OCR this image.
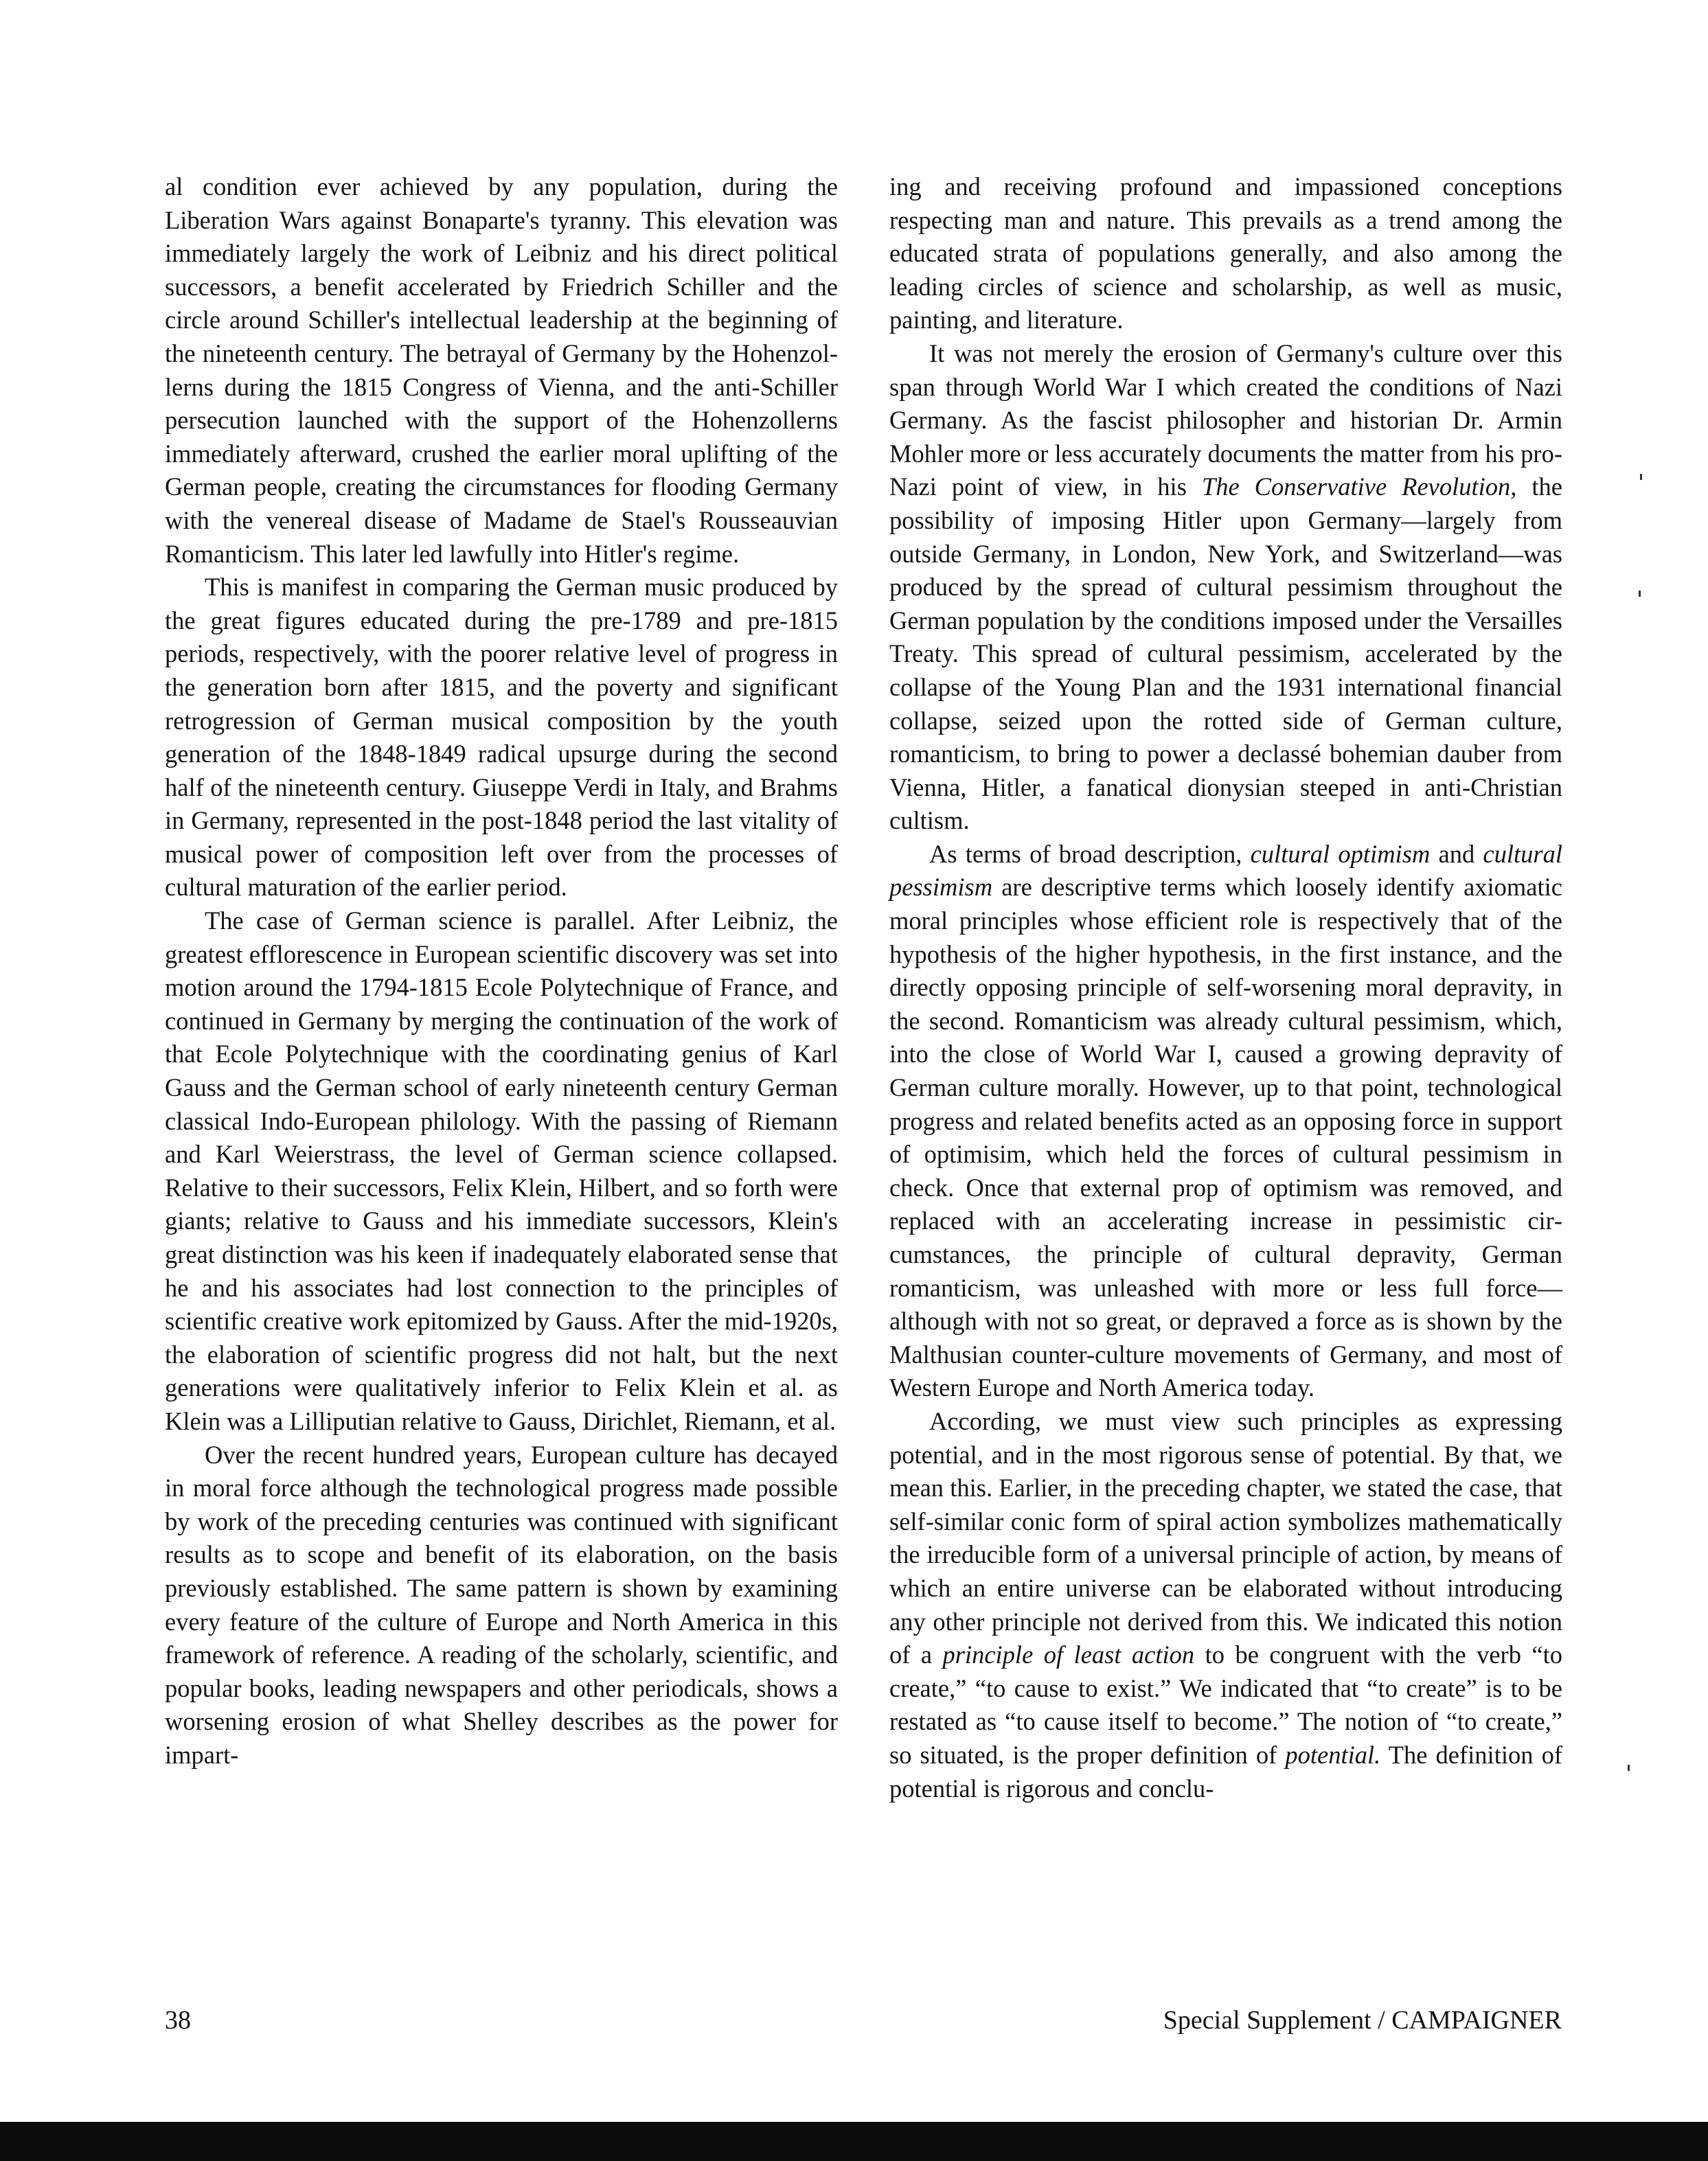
al condition ever achieved by any population, during the Liberation Wars against Bonaparte's tyranny. This elevation was immediately largely the work of Leibniz and his direct political successors, a benefit accelerated by Friedrich Schiller and the circle around Schiller's intellectual leadership at the beginning of the nineteenth century. The betrayal of Germany by the Hohenzollerns during the 1815 Congress of Vienna, and the anti-Schiller persecution launched with the support of the Hohenzollerns immediately afterward, crushed the earlier moral uplifting of the German people, creating the circumstances for flooding Germany with the venereal disease of Madame de Stael's Rousseauvian Romanticism. This later led lawfully into Hitler's regime.

This is manifest in comparing the German music produced by the great figures educated during the pre-1789 and pre-1815 periods, respectively, with the poorer relative level of progress in the generation born after 1815, and the poverty and significant retrogression of German musical composition by the youth generation of the 1848-1849 radical upsurge during the second half of the nineteenth century. Giuseppe Verdi in Italy, and Brahms in Germany, represented in the post-1848 period the last vitality of musical power of composition left over from the processes of cultural maturation of the earlier period.

The case of German science is parallel. After Leibniz, the greatest efflorescence in European scientific discovery was set into motion around the 1794-1815 Ecole Polytechnique of France, and continued in Germany by merging the continuation of the work of that Ecole Polytechnique with the coordinating genius of Karl Gauss and the German school of early nineteenth century German classical Indo-European philology. With the passing of Riemann and Karl Weierstrass, the level of German science collapsed. Relative to their successors, Felix Klein, Hilbert, and so forth were giants; relative to Gauss and his immediate successors, Klein's great distinction was his keen if inadequately elaborated sense that he and his associates had lost connection to the principles of scientific creative work epitomized by Gauss. After the mid-1920s, the elaboration of scientific progress did not halt, but the next generations were qualitatively inferior to Felix Klein et al. as Klein was a Lilliputian relative to Gauss, Dirichlet, Riemann, et al.

Over the recent hundred years, European culture has decayed in moral force although the technological progress made possible by work of the preceding centuries was continued with significant results as to scope and benefit of its elaboration, on the basis previously established. The same pattern is shown by examining every feature of the culture of Europe and North America in this framework of reference. A reading of the scholarly, scientific, and popular books, leading newspapers and other periodicals, shows a worsening erosion of what Shelley describes as the power for impart-

ing and receiving profound and impassioned conceptions respecting man and nature. This prevails as a trend among the educated strata of populations generally, and also among the leading circles of science and scholarship, as well as music, painting, and literature.

It was not merely the erosion of Germany's culture over this span through World War I which created the conditions of Nazi Germany. As the fascist philosopher and historian Dr. Armin Mohler more or less accurately documents the matter from his pro-Nazi point of view, in his The Conservative Revolution, the possibility of imposing Hitler upon Germany—largely from outside Germany, in London, New York, and Switzerland—was produced by the spread of cultural pessimism throughout the German population by the conditions imposed under the Versailles Treaty. This spread of cultural pessimism, accelerated by the collapse of the Young Plan and the 1931 international financial collapse, seized upon the rotted side of German culture, romanticism, to bring to power a declassé bohemian dauber from Vienna, Hitler, a fanatical dionysian steeped in anti-Christian cultism.

As terms of broad description, cultural optimism and cultural pessimism are descriptive terms which loosely identify axiomatic moral principles whose efficient role is respectively that of the hypothesis of the higher hypothesis, in the first instance, and the directly opposing principle of self-worsening moral depravity, in the second. Romanticism was already cultural pessimism, which, into the close of World War I, caused a growing depravity of German culture morally. However, up to that point, technological progress and related benefits acted as an opposing force in support of optimisim, which held the forces of cultural pessimism in check. Once that external prop of optimism was removed, and replaced with an accelerating increase in pessimistic circumstances, the principle of cultural depravity, German romanticism, was unleashed with more or less full force—although with not so great, or depraved a force as is shown by the Malthusian counter-culture movements of Germany, and most of Western Europe and North America today.

According, we must view such principles as expressing potential, and in the most rigorous sense of potential. By that, we mean this. Earlier, in the preceding chapter, we stated the case, that self-similar conic form of spiral action symbolizes mathematically the irreducible form of a universal principle of action, by means of which an entire universe can be elaborated without introducing any other principle not derived from this. We indicated this notion of a principle of least action to be congruent with the verb “to create,” “to cause to exist.” We indicated that “to create” is to be restated as “to cause itself to become.” The notion of “to create,” so situated, is the proper definition of potential. The definition of potential is rigorous and conclu-

38	Special Supplement / CAMPAIGNER
